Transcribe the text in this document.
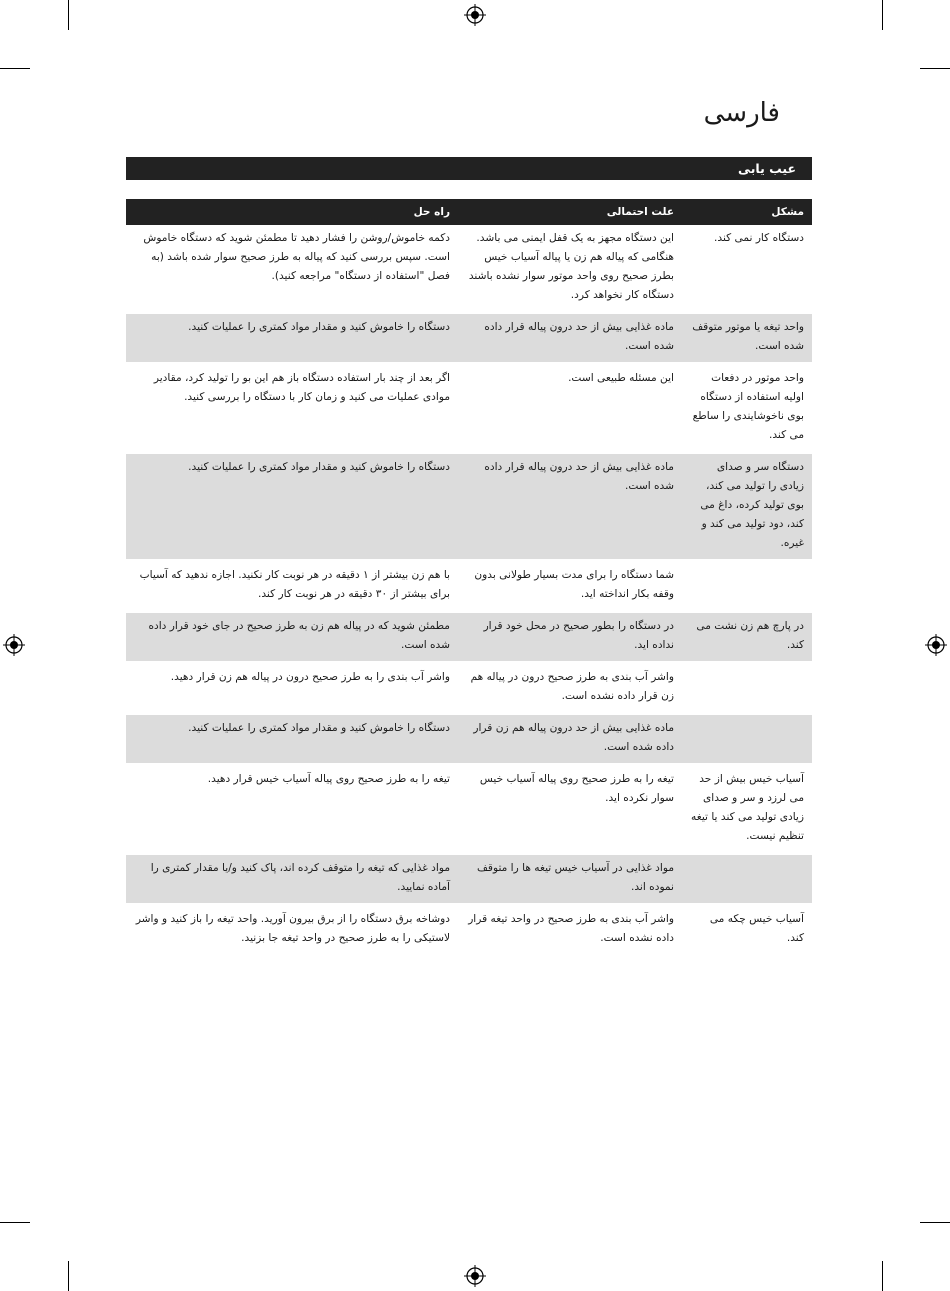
فارسی
عیب یابی
مشکل	علت احتمالی	راه حل
دستگاه کار نمی کند.	این دستگاه مجهز به یک قفل ایمنی می باشد. هنگامی که پیاله هم زن یا پیاله آسیاب خیس بطرز صحیح روی واحد موتور سوار نشده باشند دستگاه کار نخواهد کرد.	دکمه خاموش/روشن را فشار دهید تا مطمئن شوید که دستگاه خاموش است. سپس بررسی کنید که پیاله به طرز صحیح سوار شده باشد (به فصل "استفاده از دستگاه" مراجعه کنید).
واحد تیغه یا موتور متوقف شده است.	ماده غذایی بیش از حد درون پیاله قرار داده شده است.	دستگاه را خاموش کنید و مقدار مواد کمتری را عملیات کنید.
واحد موتور در دفعات اولیه استفاده از دستگاه بوی ناخوشایندی را ساطع می کند.	این مسئله طبیعی است.	اگر بعد از چند بار استفاده دستگاه باز هم این بو را تولید کرد، مقادیر موادی عملیات می کنید و زمان کار با دستگاه را بررسی کنید.
دستگاه سر و صدای زیادی را تولید می کند، بوی تولید کرده، داغ می کند، دود تولید می کند و غیره.	ماده غذایی بیش از حد درون پیاله قرار داده شده است.	دستگاه را خاموش کنید و مقدار مواد کمتری را عملیات کنید.
	شما دستگاه را برای مدت بسیار طولانی بدون وقفه بکار انداخته اید.	با هم زن بیشتر از ۱ دقیقه در هر نوبت کار نکنید. اجازه ندهید که آسیاب برای بیشتر از ۳۰ دقیقه در هر نوبت کار کند.
در پارچ هم زن نشت می کند.	در دستگاه را بطور صحیح در محل خود قرار نداده اید.	مطمئن شوید که در پیاله هم زن به طرز صحیح در جای خود قرار داده شده است.
	واشر آب بندی به طرز صحیح درون در پیاله هم زن قرار داده نشده است.	واشر آب بندی را به طرز صحیح درون در پیاله هم زن قرار دهید.
	ماده غذایی بیش از حد درون پیاله هم زن قرار داده شده است.	دستگاه را خاموش کنید و مقدار مواد کمتری را عملیات کنید.
آسیاب خیس بیش از حد می لرزد و سر و صدای زیادی تولید می کند یا تیغه تنظیم نیست.	تیغه را به طرز صحیح روی پیاله آسیاب خیس سوار نکرده اید.	تیغه را به طرز صحیح روی پیاله آسیاب خیس قرار دهید.
	مواد غذایی در آسیاب خیس تیغه ها را متوقف نموده اند.	مواد غذایی که تیغه را متوقف کرده اند، پاک کنید و/یا مقدار کمتری را آماده نمایید.
آسیاب خیس چکه می کند.	واشر آب بندی به طرز صحیح در واحد تیغه قرار داده نشده است.	دوشاخه برق دستگاه را از برق بیرون آورید. واحد تیغه را باز کنید و واشر لاستیکی را به طرز صحیح در واحد تیغه جا بزنید.
